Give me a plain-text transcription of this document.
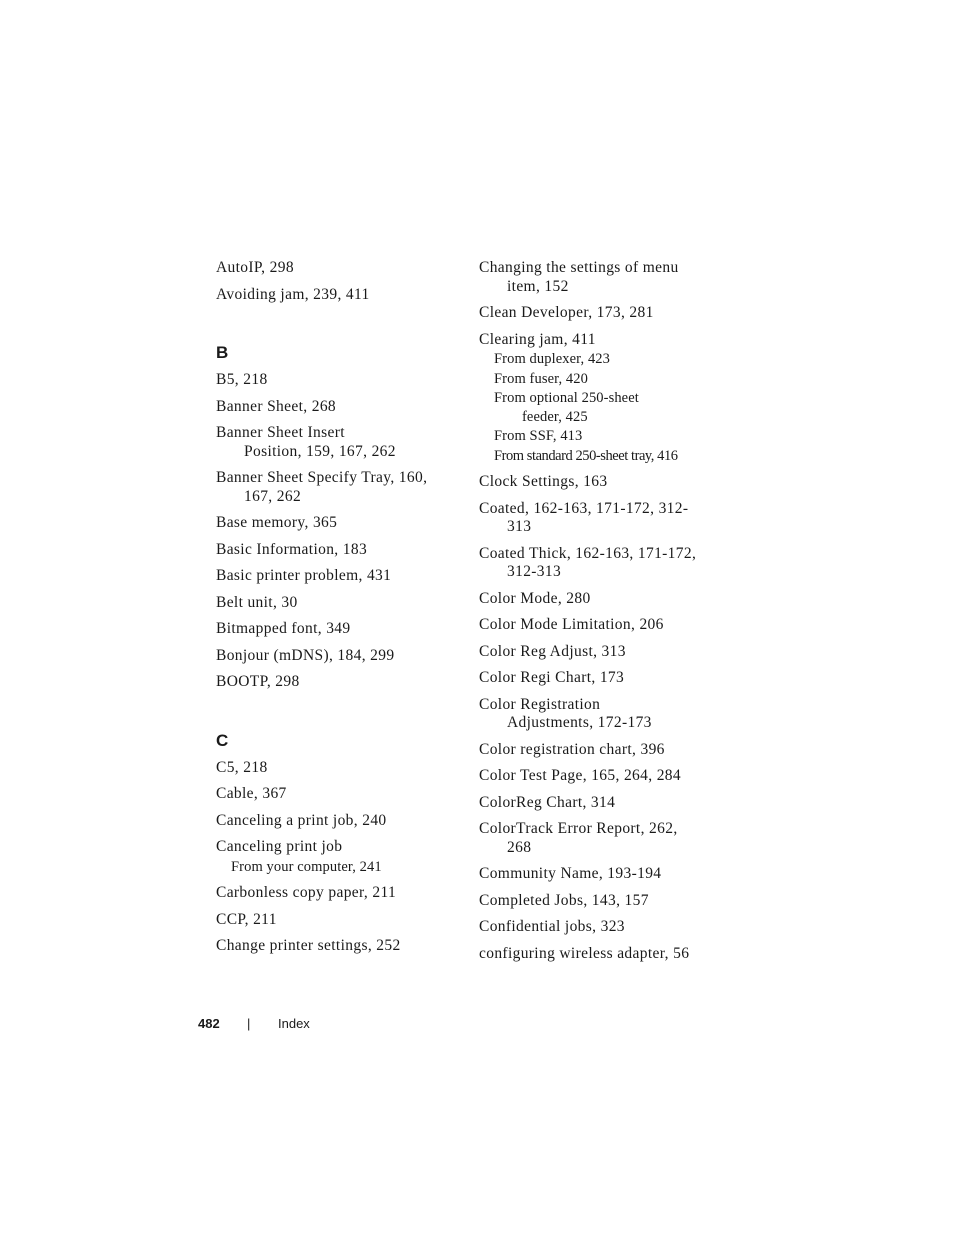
AutoIP, 298
Avoiding jam, 239, 411
B
B5, 218
Banner Sheet, 268
Banner Sheet Insert
Position, 159, 167, 262
Banner Sheet Specify Tray, 160,
167, 262
Base memory, 365
Basic Information, 183
Basic printer problem, 431
Belt unit, 30
Bitmapped font, 349
Bonjour (mDNS), 184, 299
BOOTP, 298
C
C5, 218
Cable, 367
Canceling a print job, 240
Canceling print job
From your computer, 241
Carbonless copy paper, 211
CCP, 211
Change printer settings, 252
Changing the settings of menu
item, 152
Clean Developer, 173, 281
Clearing jam, 411
From duplexer, 423
From fuser, 420
From optional 250-sheet
feeder, 425
From SSF, 413
From standard 250-sheet tray, 416
Clock Settings, 163
Coated, 162-163, 171-172, 312-
313
Coated Thick, 162-163, 171-172,
312-313
Color Mode, 280
Color Mode Limitation, 206
Color Reg Adjust, 313
Color Regi Chart, 173
Color Registration
Adjustments, 172-173
Color registration chart, 396
Color Test Page, 165, 264, 284
ColorReg Chart, 314
ColorTrack Error Report, 262,
268
Community Name, 193-194
Completed Jobs, 143, 157
Confidential jobs, 323
configuring wireless adapter, 56
482 | Index
